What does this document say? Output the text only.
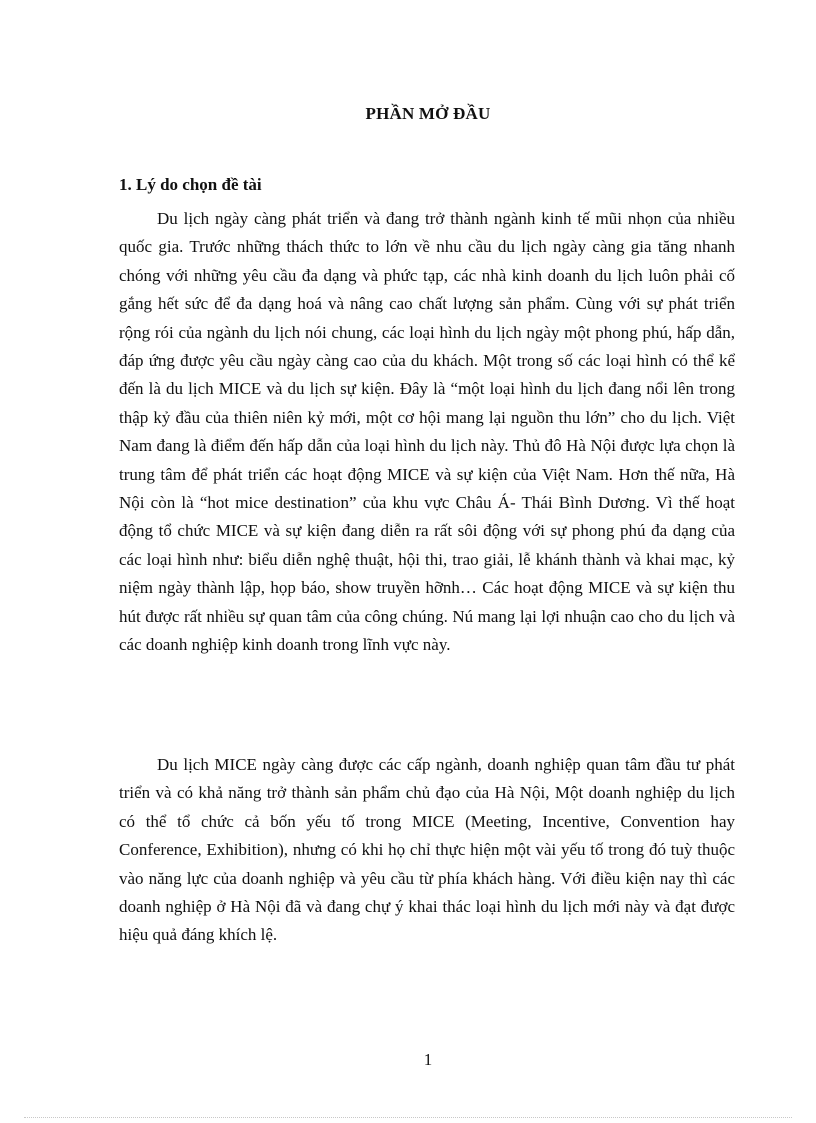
PHẦN MỞ ĐẦU
1. Lý do chọn đề tài

Du lịch ngày càng phát triển và đang trở thành ngành kinh tế mũi nhọn của nhiều quốc gia. Trước những thách thức to lớn về nhu cầu du lịch ngày càng gia tăng nhanh chóng với những yêu cầu đa dạng và phức tạp, các nhà kinh doanh du lịch luôn phải cố gắng hết sức để đa dạng hoá và nâng cao chất lượng sản phẩm. Cùng với sự phát triển rộng rói của ngành du lịch nói chung, các loại hình du lịch ngày một phong phú, hấp dẫn, đáp ứng được yêu cầu ngày càng cao của du khách. Một trong số các loại hình có thể kể đến là du lịch MICE và du lịch sự kiện. Đây là “một loại hình du lịch đang nổi lên trong thập kỷ đầu của thiên niên kỷ mới, một cơ hội mang lại nguồn thu lớn” cho du lịch. Việt Nam đang là điểm đến hấp dẫn của loại hình du lịch này. Thủ đô Hà Nội được lựa chọn là trung tâm để phát triển các hoạt động MICE và sự kiện của Việt Nam. Hơn thế nữa, Hà Nội còn là “hot mice destination” của khu vực Châu Á- Thái Bình Dương. Vì thế hoạt động tổ chức MICE và sự kiện đang diễn ra rất sôi động với sự phong phú đa dạng của các loại hình như: biểu diễn nghệ thuật, hội thi, trao giải, lễ khánh thành và khai mạc, kỷ niệm ngày thành lập, họp báo, show truyền hỡnh… Các hoạt động MICE và sự kiện thu hút được rất nhiều sự quan tâm của công chúng. Nú mang lại lợi nhuận cao cho du lịch và các doanh nghiệp kinh doanh trong lĩnh vực này.

Du lịch MICE ngày càng được các cấp ngành, doanh nghiệp quan tâm đầu tư phát triển và có khả năng trở thành sản phẩm chủ đạo của Hà Nội, Một doanh nghiệp du lịch có thể tổ chức cả bốn yếu tố trong MICE (Meeting, Incentive, Convention hay Conference, Exhibition), nhưng có khi họ chỉ thực hiện một vài yếu tố trong đó tuỳ thuộc vào năng lực của doanh nghiệp và yêu cầu từ phía khách hàng. Với điều kiện nay thì các doanh nghiệp ở Hà Nội đã và đang chự ý khai thác loại hình du lịch mới này và đạt được hiệu quả đáng khích lệ.

1
